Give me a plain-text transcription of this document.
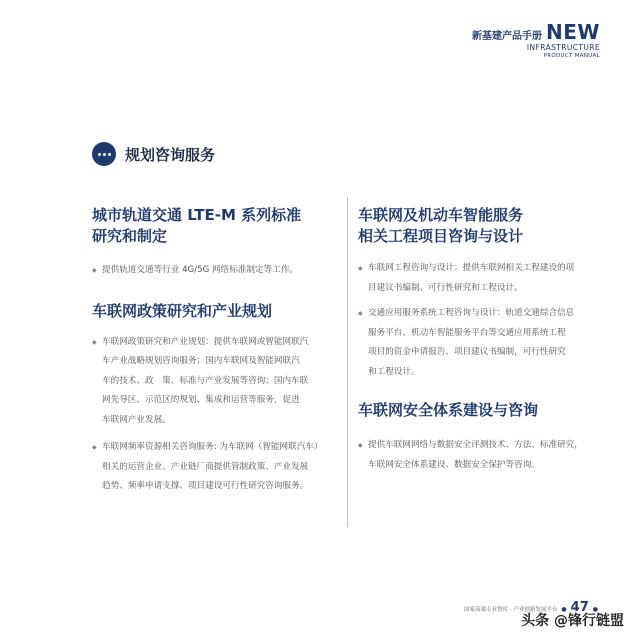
新基建产品手册 NEW
INFRASTRUCTURE
PRODUCT MANUAL
规划咨询服务
城市轨道交通 LTE-M 系列标准
研究和制定
◆ 提供轨道交通等行业 4G/5G 网络标准制定等工作。
车联网政策研究和产业规划
◆ 车联网政策研究和产业规划：提供车联网或智能网联汽
车产业战略规划咨询服务；国内车联网及智能网联汽
车的技术、政　策、标准与产业发展等咨询；国内车联
网先导区、示范区的规划、集成和运营等服务，促进
车联网产业发展。
◆ 车联网频率资源相关咨询服务: 为车联网（智能网联汽车）
相关的运营企业、产业链厂商提供管制政策、产业发展
趋势、频率申请支撑、项目建设可行性研究咨询服务。
车联网及机动车智能服务
相关工程项目咨询与设计
◆ 车联网工程咨询与设计：提供车联网相关工程建设的项
目建议书编制、可行性研究和工程设计。
◆ 交通应用服务系统工程咨询与设计：轨道交通综合信息
服务平台、机动车智能服务平台等交通应用系统工程
项目的资金申请报告、项目建议书编制，可行性研究
和工程设计。
车联网安全体系建设与咨询
◆ 提供车联网网络与数据安全评测技术、方法、标准研究，
车联网安全体系建设、数据安全保护等咨询。
国家高端专业智库 · 产业创新发展平台 ● 47 ●
头条 @锋行链盟
